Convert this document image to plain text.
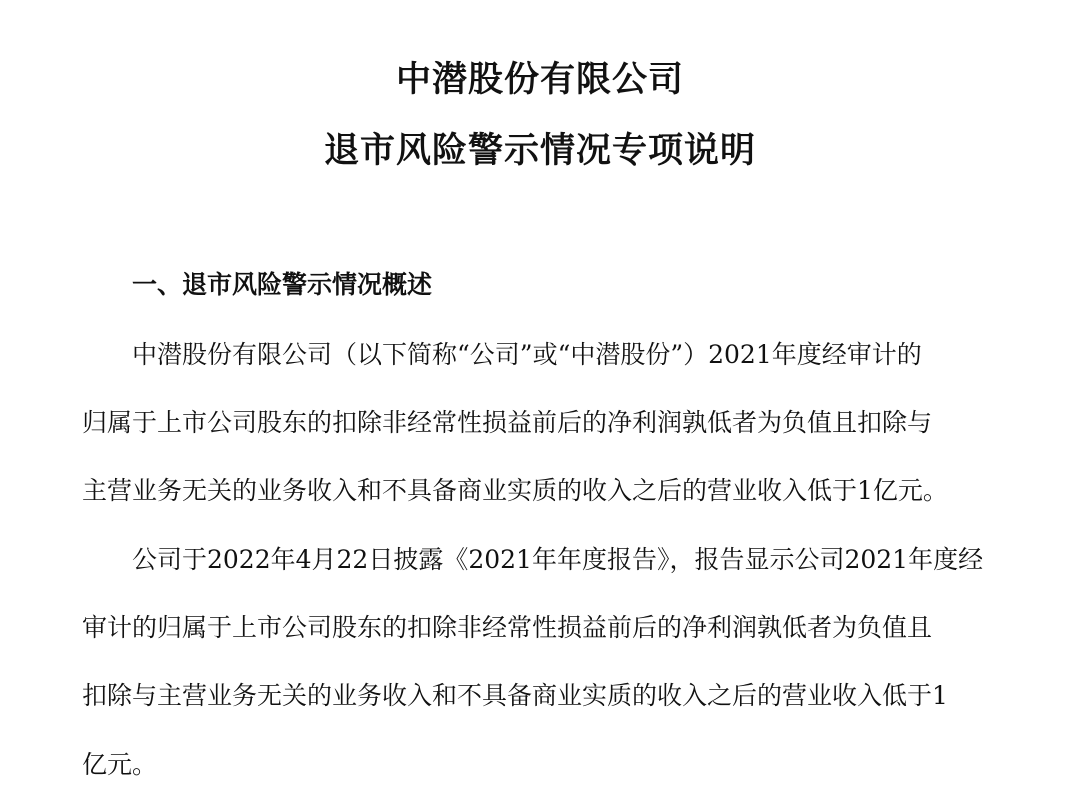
中潜股份有限公司
退市风险警示情况专项说明
一、退市风险警示情况概述

中潜股份有限公司（以下简称“公司”或“中潜股份”）2021年度经审计的

归属于上市公司股东的扣除非经常性损益前后的净利润孰低者为负值且扣除与

主营业务无关的业务收入和不具备商业实质的收入之后的营业收入低于1亿元。

公司于2022年4月22日披露《2021年年度报告》，报告显示公司2021年度经

审计的归属于上市公司股东的扣除非经常性损益前后的净利润孰低者为负值且

扣除与主营业务无关的业务收入和不具备商业实质的收入之后的营业收入低于1

亿元。
